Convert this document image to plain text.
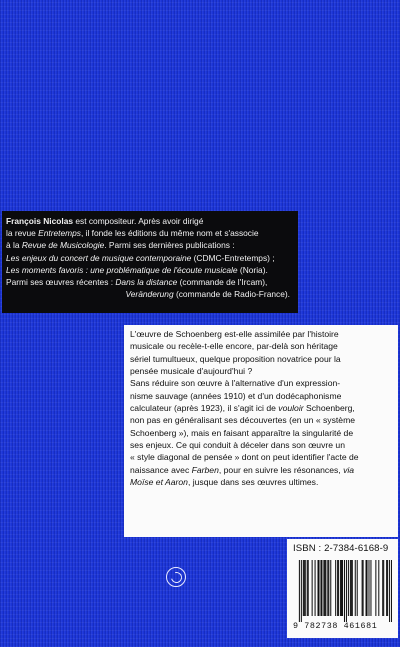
François Nicolas est compositeur. Après avoir dirigé
la revue Entretemps, il fonde les éditions du même nom et s'associe
à la Revue de Musicologie. Parmi ses dernières publications :
Les enjeux du concert de musique contemporaine (CDMC-Entretemps) ;
Les moments favoris : une problématique de l'écoute musicale (Noria).
Parmi ses œuvres récentes : Dans la distance (commande de l'Ircam),
Veränderung (commande de Radio-France).
L'œuvre de Schoenberg est-elle assimilée par l'histoire
musicale ou recèle-t-elle encore, par-delà son héritage
sériel tumultueux, quelque proposition novatrice pour la
pensée musicale d'aujourd'hui ?
Sans réduire son œuvre à l'alternative d'un expression-
nisme sauvage (années 1910) et d'un dodécaphonisme
calculateur (après 1923), il s'agit ici de vouloir Schoenberg,
non pas en généralisant ses découvertes (en un « système
Schoenberg »), mais en faisant apparaître la singularité de
ses enjeux. Ce qui conduit à déceler dans son œuvre un
« style diagonal de pensée » dont on peut identifier l'acte de
naissance avec Farben, pour en suivre les résonances, via
Moïse et Aaron, jusque dans ses œuvres ultimes.
ISBN : 2-7384-6168-9
9 782738 461681
